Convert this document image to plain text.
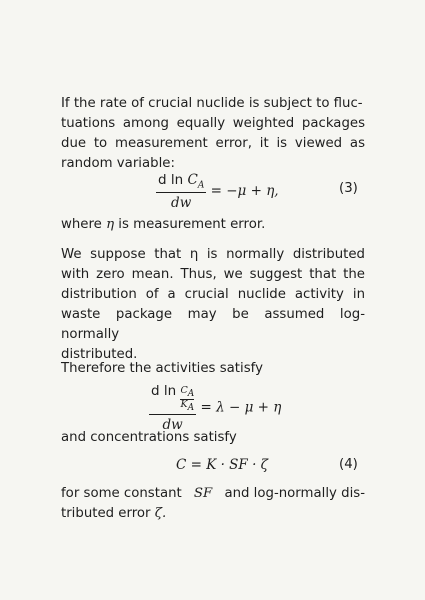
If the rate of crucial nuclide is subject to fluc-
tuations among equally weighted packages
due to measurement error, it is viewed as
random variable:
$\frac{d \ln C_A}{dw} = -\mu + \eta$,	(3)
where η is measurement error.
We suppose that η is normally distributed
with zero mean. Thus, we suggest that the
distribution of a crucial nuclide activity in
waste package may be assumed log-normally
distributed.
Therefore the activities satisfy
$\frac{d \ln \frac{C_A}{K_A}}{dw} = \lambda - \mu + \eta$
and concentrations satisfy
C = K · SF · ζ	(4)
for some constant SF and log-normally dis-
tributed error ζ.
